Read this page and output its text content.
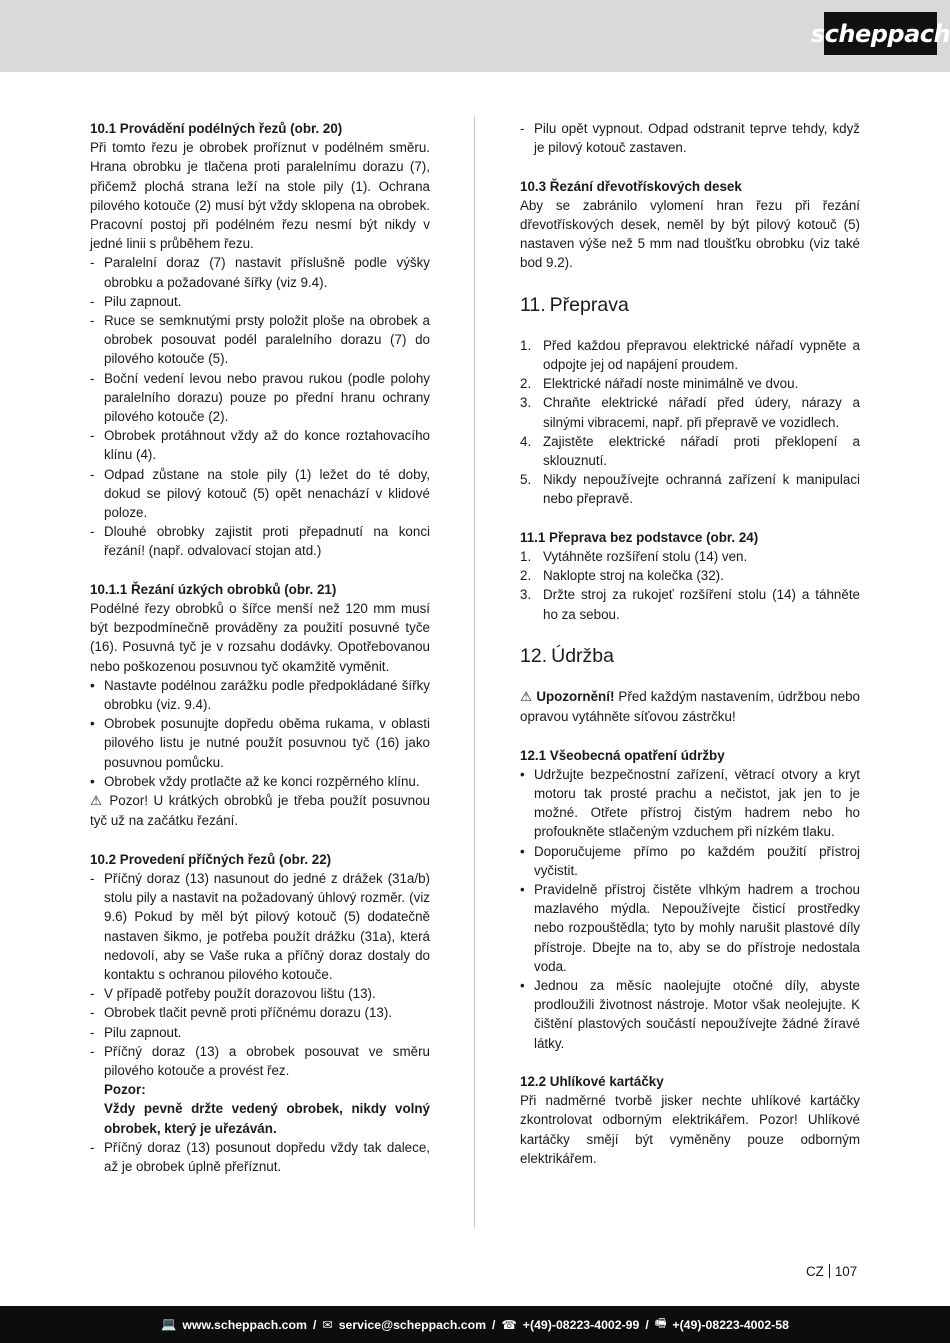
scheppach
10.1 Provádění podélných řezů (obr. 20)
Při tomto řezu je obrobek proříznut v podélném směru. Hrana obrobku je tlačena proti paralelnímu dorazu (7), přičemž plochá strana leží na stole pily (1). Ochrana pilového kotouče (2) musí být vždy sklopena na obrobek. Pracovní postoj při podélném řezu nesmí být nikdy v jedné linii s průběhem řezu.
- Paralelní doraz (7) nastavit příslušně podle výšky obrobku a požadované šířky (viz 9.4).
- Pilu zapnout.
- Ruce se semknutými prsty položit ploše na obrobek a obrobek posouvat podél paralelního dorazu (7) do pilového kotouče (5).
- Boční vedení levou nebo pravou rukou (podle polohy paralelního dorazu) pouze po přední hranu ochrany pilového kotouče (2).
- Obrobek protáhnout vždy až do konce roztahovacího klínu (4).
- Odpad zůstane na stole pily (1) ležet do té doby, dokud se pilový kotouč (5) opět nenachází v klidové poloze.
- Dlouhé obrobky zajistit proti přepadnutí na konci řezání! (např. odvalovací stojan atd.)
10.1.1 Řezání úzkých obrobků (obr. 21)
Podélné řezy obrobků o šířce menší než 120 mm musí být bezpodmínečně prováděny za použití posuvné tyče (16). Posuvná tyč je v rozsahu dodávky. Opotřebovanou nebo poškozenou posuvnou tyč okamžitě vyměnit.
• Nastavte podélnou zarážku podle předpokládané šířky obrobku (viz. 9.4).
• Obrobek posunujte dopředu oběma rukama, v oblasti pilového listu je nutné použít posuvnou tyč (16) jako posuvnou pomůcku.
• Obrobek vždy protlačte až ke konci rozpěrného klínu.
⚠ Pozor! U krátkých obrobků je třeba použít posuvnou tyč už na začátku řezání.
10.2 Provedení příčných řezů (obr. 22)
- Příčný doraz (13) nasunout do jedné z drážek (31a/b) stolu pily a nastavit na požadovaný úhlový rozměr. (viz 9.6) Pokud by měl být pilový kotouč (5) dodatečně nastaven šikmo, je potřeba použít drážku (31a), která nedovolí, aby se Vaše ruka a příčný doraz dostaly do kontaktu s ochranou pilového kotouče.
- V případě potřeby použít dorazovou lištu (13).
- Obrobek tlačit pevně proti příčnému dorazu (13).
- Pilu zapnout.
- Příčný doraz (13) a obrobek posouvat ve směru pilového kotouče a provést řez.
Pozor:
Vždy pevně držte vedený obrobek, nikdy volný obrobek, který je uřezáván.
- Příčný doraz (13) posunout dopředu vždy tak dalece, až je obrobek úplně přeříznut.
- Pilu opět vypnout. Odpad odstranit teprve tehdy, když je pilový kotouč zastaven.
10.3 Řezání dřevotřískových desek
Aby se zabránilo vylomení hran řezu při řezání dřevotřískových desek, neměl by být pilový kotouč (5) nastaven výše než 5 mm nad tloušťku obrobku (viz také bod 9.2).
11. Přeprava
1. Před každou přepravou elektrické nářadí vypněte a odpojte jej od napájení proudem.
2. Elektrické nářadí noste minimálně ve dvou.
3. Chraňte elektrické nářadí před údery, nárazy a silnými vibracemi, např. při přepravě ve vozidlech.
4. Zajistěte elektrické nářadí proti překlopení a sklouznutí.
5. Nikdy nepoužívejte ochranná zařízení k manipulaci nebo přepravě.
11.1 Přeprava bez podstavce (obr. 24)
1. Vytáhněte rozšíření stolu (14) ven.
2. Naklopte stroj na kolečka (32).
3. Držte stroj za rukojeť rozšíření stolu (14) a táhněte ho za sebou.
12. Údržba
⚠ Upozornění! Před každým nastavením, údržbou nebo opravou vytáhněte síťovou zástrčku!
12.1 Všeobecná opatření údržby
• Udržujte bezpečnostní zařízení, větrací otvory a kryt motoru tak prosté prachu a nečistot, jak jen to je možné. Otřete přístroj čistým hadrem nebo ho profoukněte stlačeným vzduchem při nízkém tlaku.
• Doporučujeme přímo po každém použití přístroj vyčistit.
• Pravidelně přístroj čistěte vlhkým hadrem a trochou mazlavého mýdla. Nepoužívejte čisticí prostředky nebo rozpouštědla; tyto by mohly narušit plastové díly přístroje. Dbejte na to, aby se do přístroje nedostala voda.
• Jednou za měsíc naolejujte otočné díly, abyste prodloužili životnost nástroje. Motor však neolejujte. K čištění plastových součástí nepoužívejte žádné žíravé látky.
12.2 Uhlíkové kartáčky
Při nadměrné tvorbě jisker nechte uhlíkové kartáčky zkontrolovat odborným elektrikářem. Pozor! Uhlíkové kartáčky smějí být vyměněny pouze odborným elektrikářem.
CZ 107
💻 www.scheppach.com / ✉ service@scheppach.com / ☎ +(49)-08223-4002-99 / 🖷 +(49)-08223-4002-58
